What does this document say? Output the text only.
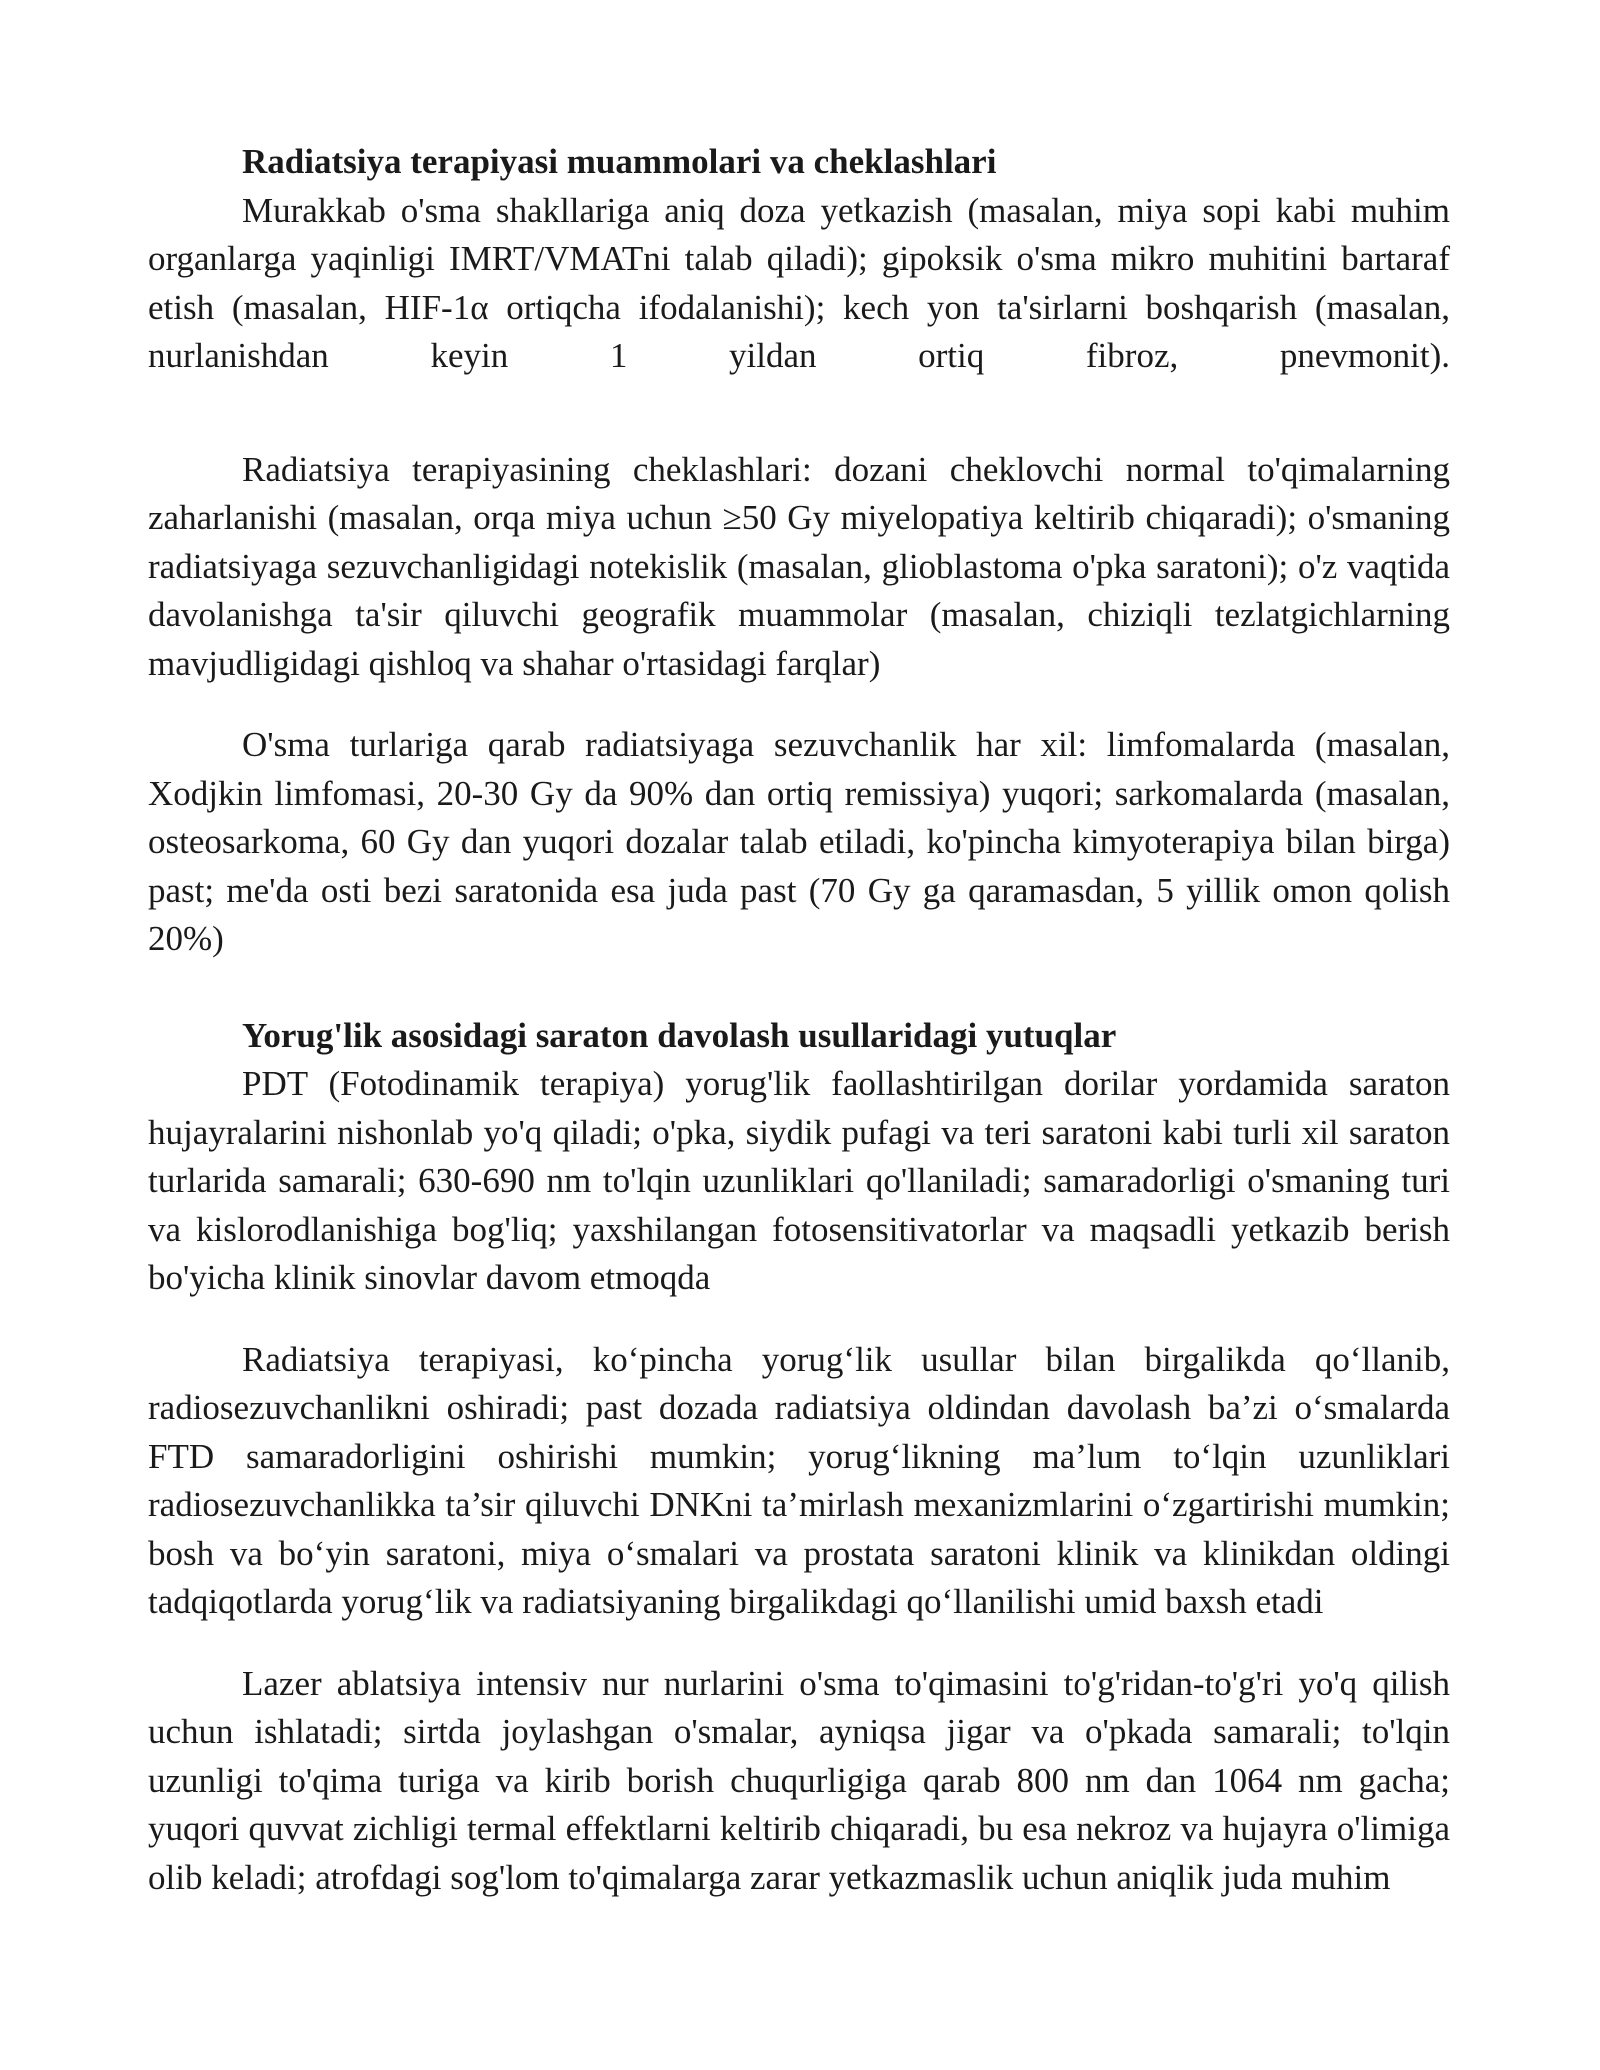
Radiatsiya terapiyasi muammolari va cheklashlari

Murakkab o'sma shakllariga aniq doza yetkazish (masalan, miya sopi kabi muhim organlarga yaqinligi IMRT/VMATni talab qiladi); gipoksik o'sma mikro muhitini bartaraf etish (masalan, HIF-1α ortiqcha ifodalanishi); kech yon ta'sirlarni boshqarish (masalan, nurlanishdan keyin 1 yildan ortiq fibroz, pnevmonit).

Radiatsiya terapiyasining cheklashlari: dozani cheklovchi normal to'qimalarning zaharlanishi (masalan, orqa miya uchun ≥50 Gy miyelopatiya keltirib chiqaradi); o'smaning radiatsiyaga sezuvchanligidagi notekislik (masalan, glioblastoma o'pka saratoni); o'z vaqtida davolanishga ta'sir qiluvchi geografik muammolar (masalan, chiziqli tezlatgichlarning mavjudligidagi qishloq va shahar o'rtasidagi farqlar)

O'sma turlariga qarab radiatsiyaga sezuvchanlik har xil: limfomalarda (masalan, Xodjkin limfomasi, 20-30 Gy da 90% dan ortiq remissiya) yuqori; sarkomalarda (masalan, osteosarkoma, 60 Gy dan yuqori dozalar talab etiladi, ko'pincha kimyoterapiya bilan birga) past; me'da osti bezi saratonida esa juda past (70 Gy ga qaramasdan, 5 yillik omon qolish 20%)

Yorug'lik asosidagi saraton davolash usullaridagi yutuqlar

PDT (Fotodinamik terapiya) yorug'lik faollashtirilgan dorilar yordamida saraton hujayralarini nishonlab yo'q qiladi; o'pka, siydik pufagi va teri saratoni kabi turli xil saraton turlarida samarali; 630-690 nm to'lqin uzunliklari qo'llaniladi; samaradorligi o'smaning turi va kislorodlanishiga bog'liq; yaxshilangan fotosensitivatorlar va maqsadli yetkazib berish bo'yicha klinik sinovlar davom etmoqda

Radiatsiya terapiyasi, ko‘pincha yorug‘lik usullar bilan birgalikda qo‘llanib, radiosezuvchanlikni oshiradi; past dozada radiatsiya oldindan davolash ba’zi o‘smalarda FTD samaradorligini oshirishi mumkin; yorug‘likning ma’lum to‘lqin uzunliklari radiosezuvchanlikka ta’sir qiluvchi DNKni ta’mirlash mexanizmlarini o‘zgartirishi mumkin; bosh va bo‘yin saratoni, miya o‘smalari va prostata saratoni klinik va klinikdan oldingi tadqiqotlarda yorug‘lik va radiatsiyaning birgalikdagi qo‘llanilishi umid baxsh etadi

Lazer ablatsiya intensiv nur nurlarini o'sma to'qimasini to'g'ridan-to'g'ri yo'q qilish uchun ishlatadi; sirtda joylashgan o'smalar, ayniqsa jigar va o'pkada samarali; to'lqin uzunligi to'qima turiga va kirib borish chuqurligiga qarab 800 nm dan 1064 nm gacha; yuqori quvvat zichligi termal effektlarni keltirib chiqaradi, bu esa nekroz va hujayra o'limiga olib keladi; atrofdagi sog'lom to'qimalarga zarar yetkazmaslik uchun aniqlik juda muhim
